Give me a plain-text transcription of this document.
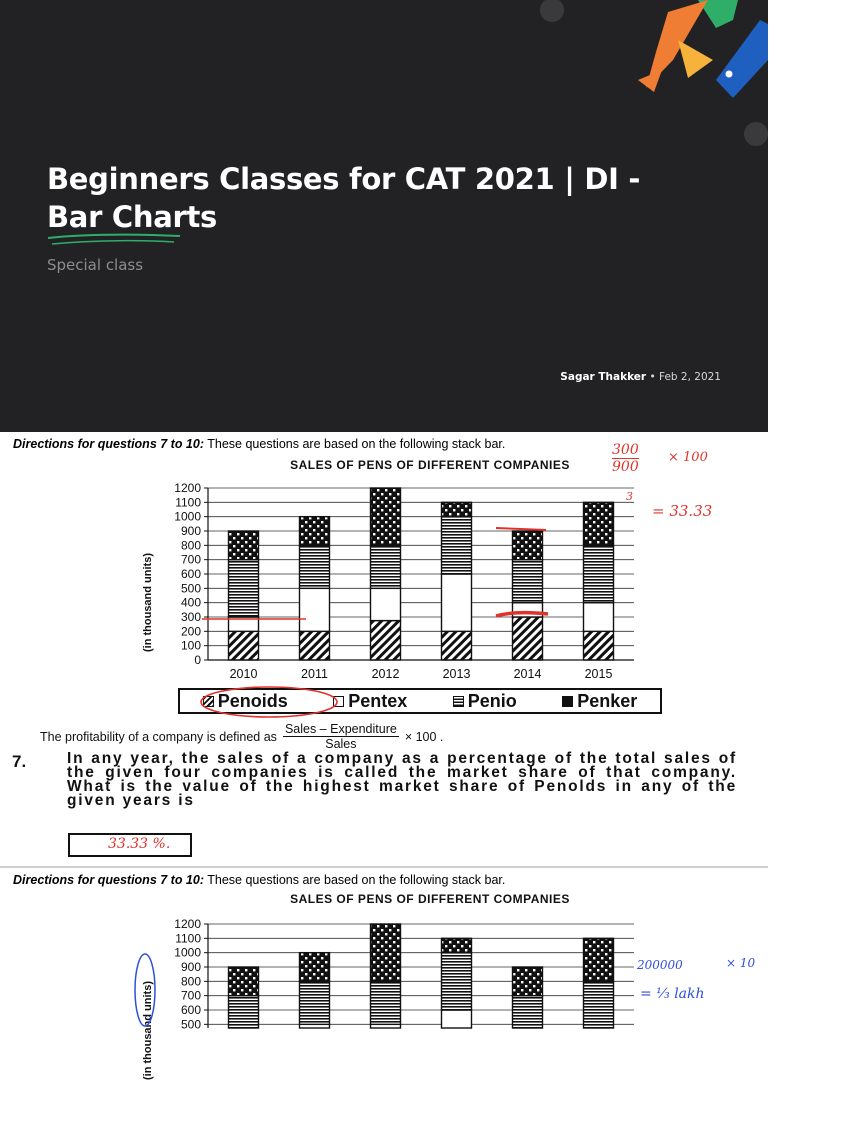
Beginners Classes for CAT 2021 | DI - Bar Charts
Special class
Sagar Thakker • Feb 2, 2021
Directions for questions 7 to 10: These questions are based on the following stack bar.
SALES OF PENS OF DIFFERENT COMPANIES
(in thousand units)
0
100
200
300
400
500
600
700
800
900
1000
1100
1200
2010	2011	2012	2013	2014	2015
Penoids	Pentex	Penio	Penker
The profitability of a company is defined as $\frac{\text{Sales – Expenditure}}{\text{Sales}} \times 100$ .
7.	In any year, the sales of a company as a percentage of the total sales of the given four companies is called the market share of that company. What is the value of the highest market share of Penolds in any of the given years is
33.33 %.
300
900
× 100
3
= 33.33
Directions for questions 7 to 10: These questions are based on the following stack bar.
SALES OF PENS OF DIFFERENT COMPANIES
(in thousand units) 500
600
700
800
900
1000
1100
1200
200000	× 10
= ⅓ lakh
